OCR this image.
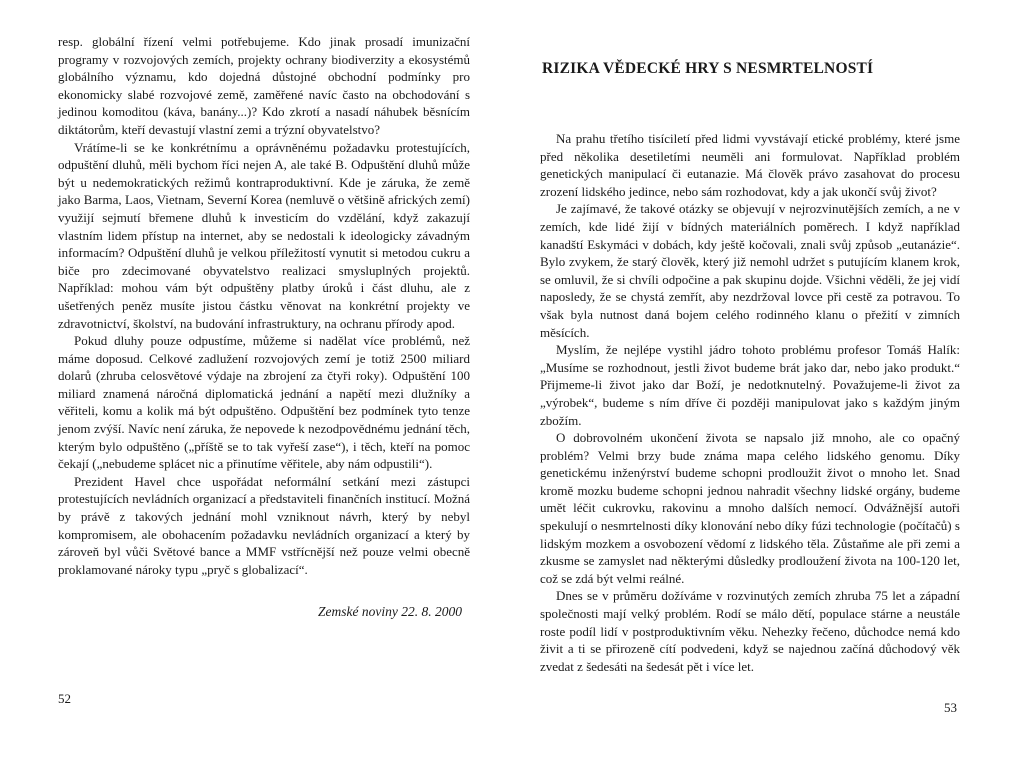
resp. globální řízení velmi potřebujeme. Kdo jinak prosadí imunizační programy v rozvojových zemích, projekty ochrany biodiverzity a ekosystémů globálního významu, kdo dojedná důstojné obchodní podmínky pro ekonomicky slabé rozvojové země, zaměřené navíc často na obchodování s jedinou komoditou (káva, banány...)? Kdo zkrotí a nasadí náhubek běsnícím diktátorům, kteří devastují vlastní zemi a trýzní obyvatelstvo?

Vrátíme-li se ke konkrétnímu a oprávněnému požadavku protestujících, odpuštění dluhů, měli bychom říci nejen A, ale také B. Odpuštění dluhů může být u nedemokratických režimů kontraproduktivní. Kde je záruka, že země jako Barma, Laos, Vietnam, Severní Korea (nemluvě o většině afrických zemí) využijí sejmutí břemene dluhů k investicím do vzdělání, když zakazují vlastním lidem přístup na internet, aby se nedostali k ideologicky závadným informacím? Odpuštění dluhů je velkou příležitostí vynutit si metodou cukru a biče pro zdecimované obyvatelstvo realizaci smysluplných projektů. Například: mohou vám být odpuštěny platby úroků i část dluhu, ale z ušetřených peněz musíte jistou částku věnovat na konkrétní projekty ve zdravotnictví, školství, na budování infrastruktury, na ochranu přírody apod.

Pokud dluhy pouze odpustíme, můžeme si nadělat více problémů, než máme doposud. Celkové zadlužení rozvojových zemí je totiž 2500 miliard dolarů (zhruba celosvětové výdaje na zbrojení za čtyři roky). Odpuštění 100 miliard znamená náročná diplomatická jednání a napětí mezi dlužníky a věřiteli, komu a kolik má být odpuštěno. Odpuštění bez podmínek tyto tenze jenom zvýší. Navíc není záruka, že nepovede k nezodpovědnému jednání těch, kterým bylo odpuštěno („příště se to tak vyřeší zase“), i těch, kteří na pomoc čekají („nebudeme splácet nic a přinutíme věřitele, aby nám odpustili“).

Prezident Havel chce uspořádat neformální setkání mezi zástupci protestujících nevládních organizací a představiteli finančních institucí. Možná by právě z takových jednání mohl vzniknout návrh, který by nebyl kompromisem, ale obohacením požadavku nevládních organizací a který by zároveň byl vůči Světové bance a MMF vstřícnější než pouze velmi obecně proklamované nároky typu „pryč s globalizací“.

Zemské noviny 22. 8. 2000
52
RIZIKA VĚDECKÉ HRY S NESMRTELNOSTÍ

Na prahu třetího tisíciletí před lidmi vyvstávají etické problémy, které jsme před několika desetiletími neuměli ani formulovat. Například problém genetických manipulací či eutanazie. Má člověk právo zasahovat do procesu zrození lidského jedince, nebo sám rozhodovat, kdy a jak ukončí svůj život?

Je zajímavé, že takové otázky se objevují v nejrozvinutějších zemích, a ne v zemích, kde lidé žijí v bídných materiálních poměrech. I když například kanadští Eskymáci v dobách, kdy ještě kočovali, znali svůj způsob „eutanázie“. Bylo zvykem, že starý člověk, který již nemohl udržet s putujícím klanem krok, se omluvil, že si chvíli odpočine a pak skupinu dojde. Všichni věděli, že jej vidí naposledy, že se chystá zemřít, aby nezdržoval lovce při cestě za potravou. To však byla nutnost daná bojem celého rodinného klanu o přežití v zimních měsících.

Myslím, že nejlépe vystihl jádro tohoto problému profesor Tomáš Halík: „Musíme se rozhodnout, jestli život budeme brát jako dar, nebo jako produkt.“ Přijmeme-li život jako dar Boží, je nedotknutelný. Považujeme-li život za „výrobek“, budeme s ním dříve či později manipulovat jako s každým jiným zbožím.

O dobrovolném ukončení života se napsalo již mnoho, ale co opačný problém? Velmi brzy bude známa mapa celého lidského genomu. Díky genetickému inženýrství budeme schopni prodloužit život o mnoho let. Snad kromě mozku budeme schopni jednou nahradit všechny lidské orgány, budeme umět léčit cukrovku, rakovinu a mnoho dalších nemocí. Odvážnější autoři spekulují o nesmrtelnosti díky klonování nebo díky fúzi technologie (počítačů) s lidským mozkem a osvobození vědomí z lidského těla. Zůstaňme ale při zemi a zkusme se zamyslet nad některými důsledky prodloužení života na 100-120 let, což se zdá být velmi reálné.

Dnes se v průměru dožíváme v rozvinutých zemích zhruba 75 let a západní společnosti mají velký problém. Rodí se málo dětí, populace stárne a neustále roste podíl lidí v postproduktivním věku. Nehezky řečeno, důchodce nemá kdo živit a ti se přirozeně cítí podvedeni, když se najednou začíná důchodový věk zvedat z šedesáti na šedesát pět i více let.

53
